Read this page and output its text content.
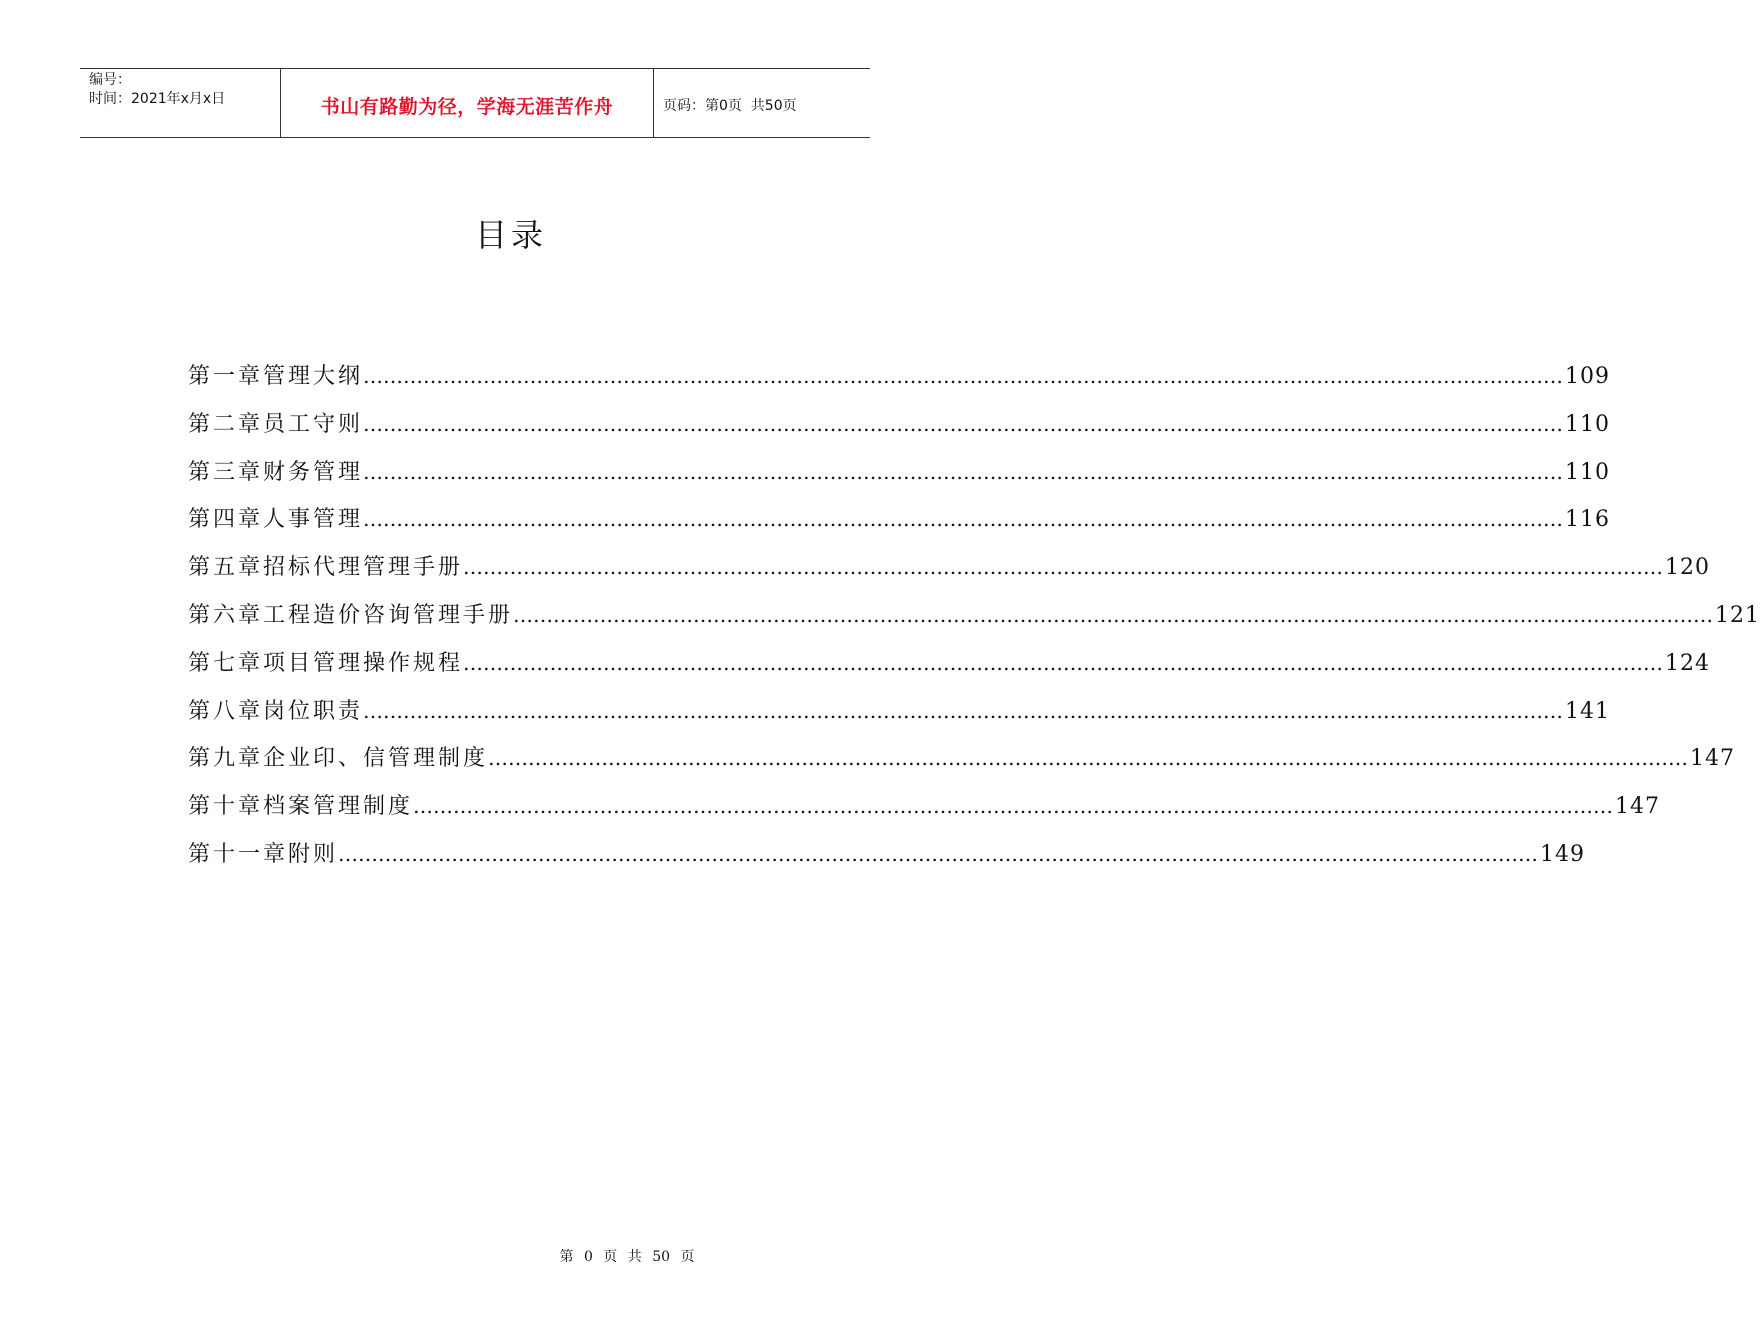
编号：
时间：2021年x月x日	书山有路勤为径，学海无涯苦作舟	页码：第0页  共50页
目录
第一章管理大纲 ……………………………………………………………………………………………………………………………………………………………… 109
第二章员工守则 ……………………………………………………………………………………………………………………………………………………………… 110
第三章财务管理 ……………………………………………………………………………………………………………………………………………………………… 110
第四章人事管理 ……………………………………………………………………………………………………………………………………………………………… 116
第五章招标代理管理手册 ……………………………………………………………………………………………………………………………………………………………… 120
第六章工程造价咨询管理手册 ……………………………………………………………………………………………………………………………………………………………… 121
第七章项目管理操作规程 ……………………………………………………………………………………………………………………………………………………………… 124
第八章岗位职责 ……………………………………………………………………………………………………………………………………………………………… 141
第九章企业印、信管理制度 ……………………………………………………………………………………………………………………………………………………………… 147
第十章档案管理制度 ……………………………………………………………………………………………………………………………………………………………… 147
第十一章附则 ……………………………………………………………………………………………………………………………………………………………… 149
第 0 页 共 50 页
